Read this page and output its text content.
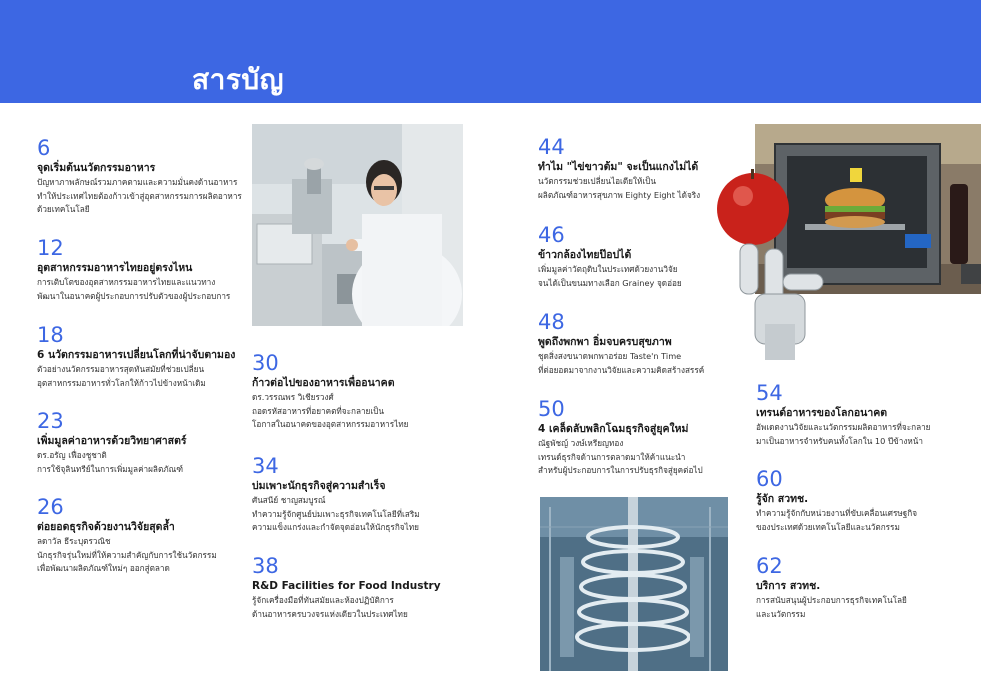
สารบัญ
6
จุดเริ่มต้นนวัตกรรมอาหาร
ปัญหาภาพลักษณ์รวมภาคตามและความมั่นคงด้านอาหาร
ทำให้ประเทศไทยต้องก้าวเข้าสู่อุตสาหกรรมการผลิตอาหาร
ด้วยเทคโนโลยี
12
อุตสาหกรรมอาหารไทยอยู่ตรงไหน
การเติบโตของอุตสาหกรรมอาหารไทยและแนวทาง
พัฒนาในอนาคตผู้ประกอบการปรับตัวของผู้ประกอบการ
18
6 นวัตกรรมอาหารเปลี่ยนโลกที่น่าจับตามอง
ตัวอย่างนวัตกรรมอาหารสุดทันสมัยที่ช่วยเปลี่ยน
อุตสาหกรรมอาหารทั่วโลกให้ก้าวไปข้างหน้าเดิม
23
เพิ่มมูลค่าอาหารด้วยวิทยาศาสตร์
ดร.อรัญ เฟื่องชูชาติ
การใช้จุลินทรีย์ในการเพิ่มมูลค่าผลิตภัณฑ์
26
ต่อยอดธุรกิจด้วยงานวิจัยสุดล้ำ
ลดาวัล ธีระบุตรวณิช
นักธุรกิจรุ่นใหม่ที่ให้ความสำคัญกับการใช้นวัตกรรม
เพื่อพัฒนาผลิตภัณฑ์ใหม่ๆ ออกสู่ตลาด
30
ก้าวต่อไปของอาหารเพื่ออนาคต
ดร.วรรณพร วิเชียรวงศ์
ถอดรหัสอาหารที่อยาคตที่จะกลายเป็น
โอกาสในอนาคตของอุตสาหกรรมอาหารไทย
34
บ่มเพาะนักธุรกิจสู่ความสำเร็จ
ศันสนีย์ ชาญสมบูรณ์
ทำความรู้จักศูนย์บ่มเพาะธุรกิจเทคโนโลยีที่เสริม
ความแข็งแกร่งและกำจัดจุดอ่อนให้นักธุรกิจไทย
38
R&D Facilities for Food Industry
รู้จักเครื่องมือที่ทันสมัยและห้องปฏิบัติการ
ด้านอาหารครบวงจรแห่งเดียวในประเทศไทย
44
ทำไม "ไข่ขาวต้ม" จะเป็นแกงไม่ได้
นวัตกรรมช่วยเปลี่ยนไอเดียให้เป็น
ผลิตภัณฑ์อาหารสุขภาพ Eighty Eight ได้จริง
46
ข้าวกล้องไทยป๊อปได้
เพิ่มมูลค่าวัตถุดิบในประเทศด้วยงานวิจัย
จนได้เป็นขนมทางเลือก Grainey จุดอ่อย
48
พูดถึงพกพา อิ่มจบครบสุขภาพ
ชุดสิ่งสงขนาดพกพาอร่อย Taste'n Time
ที่ต่อยอดมาจากงานวิจัยและความคิดสร้างสรรค์
50
4 เคล็ดลับพลิกโฉมธุรกิจสู่ยุคใหม่
ณัฐพัชญ์ วงษ์เหรียญทอง
เทรนด์ธุรกิจด้านการตลาดมาให้ค้าแนะนำ
สำหรับผู้ประกอบการในการปรับธุรกิจสู่ยุคต่อไป
54
เทรนด์อาหารของโลกอนาคต
อัพเดตงานวิจัยและนวัตกรรมผลิตอาหารที่จะกลาย
มาเป็นอาหารจำหรับคนทั้งโลกใน 10 ปีข้างหน้า
60
รู้จัก สวทช.
ทำความรู้จักกับหน่วยงานที่ขับเคลื่อนเศรษฐกิจ
ของประเทศด้วยเทคโนโลยีและนวัตกรรม
62
บริการ สวทช.
การสนับสนุนผู้ประกอบการธุรกิจเทคโนโลยี
และนวัตกรรม
